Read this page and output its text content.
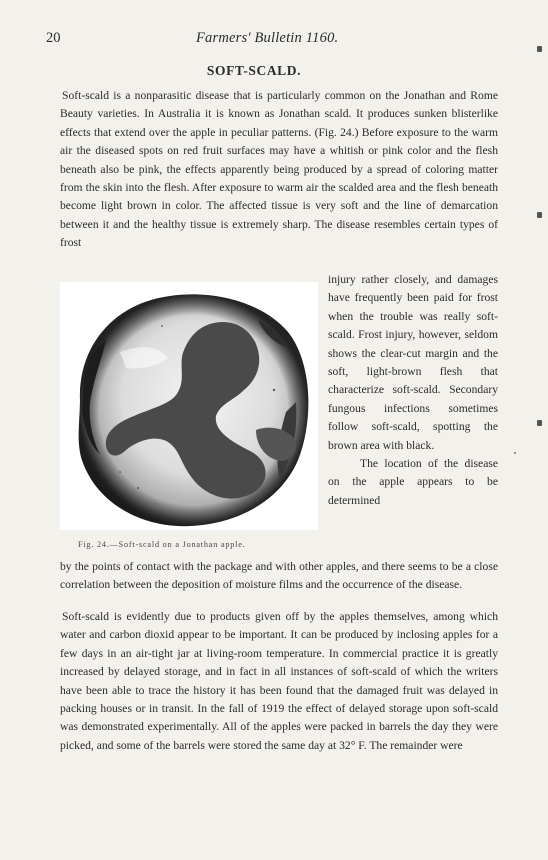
20	Farmers' Bulletin 1160.
SOFT-SCALD.
Soft-scald is a nonparasitic disease that is particularly common on the Jonathan and Rome Beauty varieties. In Australia it is known as Jonathan scald. It produces sunken blisterlike effects that extend over the apple in peculiar patterns. (Fig. 24.) Before exposure to the warm air the diseased spots on red fruit surfaces may have a whitish or pink color and the flesh beneath also be pink, the effects apparently being produced by a spread of coloring matter from the skin into the flesh. After exposure to warm air the scalded area and the flesh beneath become light brown in color. The affected tissue is very soft and the line of demarcation between it and the healthy tissue is extremely sharp. The disease resembles certain types of frost
Fig. 24.—Soft-scald on a Jonathan apple.

injury rather closely, and damages have frequently been paid for frost when the trouble was really soft-scald. Frost injury, however, seldom shows the clear-cut margin and the soft, light-brown flesh that characterize soft-scald. Secondary fungous infections sometimes follow soft-scald, spotting the brown area with black.

The location of the disease on the apple appears to be determined

by the points of contact with the package and with other apples, and there seems to be a close correlation between the deposition of moisture films and the occurrence of the disease.
Soft-scald is evidently due to products given off by the apples themselves, among which water and carbon dioxid appear to be important. It can be produced by inclosing apples for a few days in an air-tight jar at living-room temperature. In commercial practice it is greatly increased by delayed storage, and in fact in all instances of soft-scald of which the writers have been able to trace the history it has been found that the damaged fruit was delayed in packing houses or in transit. In the fall of 1919 the effect of delayed storage upon soft-scald was demonstrated experimentally. All of the apples were packed in barrels the day they were picked, and some of the barrels were stored the same day at 32° F. The remainder were
